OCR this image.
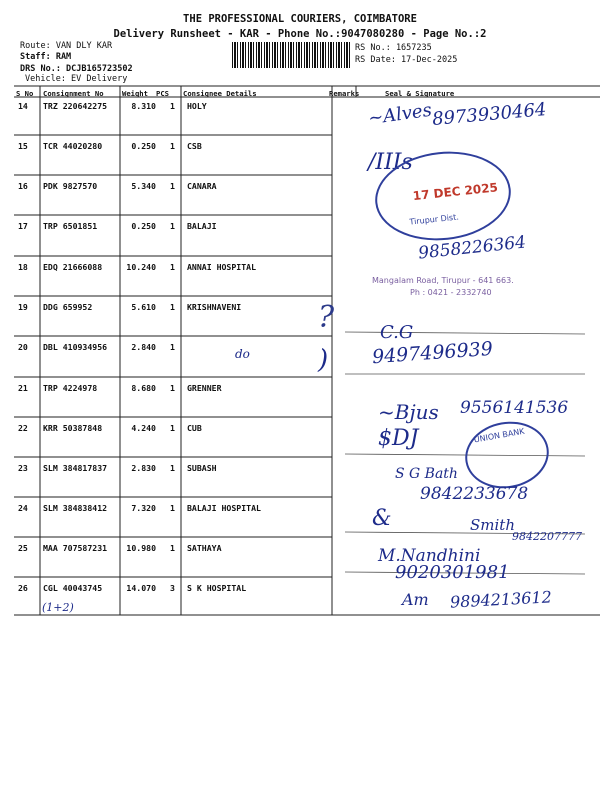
THE PROFESSIONAL COURIERS, COIMBATORE
Delivery Runsheet - KAR - Phone No.:9047080280 - Page No.:2
Route: VAN DLY KAR
Staff: RAM
DRS No.: DCJB165723502
Vehicle: EV Delivery
RS No.: 1657235
RS Date: 17-Dec-2025
S No Consignment No	Weight PCS Consignee Details	Remarks	Seal & Signature
14 TRZ 220642275	8.310 1 HOLY
15 TCR 44020280	0.250 1 CSB
16 PDK 9827570	5.340 1 CANARA
17 TRP 6501851	0.250 1 BALAJI
18 EDQ 21666088	10.240 1 ANNAI HOSPITAL
19 DDG 659952	5.610 1 KRISHNAVENI
20 DBL 410934956	2.840 1
21 TRP 4224978	8.680 1 GRENNER
22 KRR 50387848	4.240 1 CUB
23 SLM 384817837	2.830 1 SUBASH
24 SLM 384838412	7.320 1 BALAJI HOSPITAL
25 MAA 707587231 10.980 1 SATHAYA
26 CGL 40043745	14.070 3 S K HOSPITAL
~Alves
8973930464
/IIIs
17 DEC 2025
Tirupur Dist.
9858226364
Mangalam Road, Tirupur - 641 663.
Ph : 0421 - 2332740
?
do
C.G
9497496939
)
9556141536
~Bjus
$DJ	UNION BANK
S G Bath
9842233678
&	Smith
9842207777
M.Nandhini
9020301981
Am 9894213612
(1+2)
